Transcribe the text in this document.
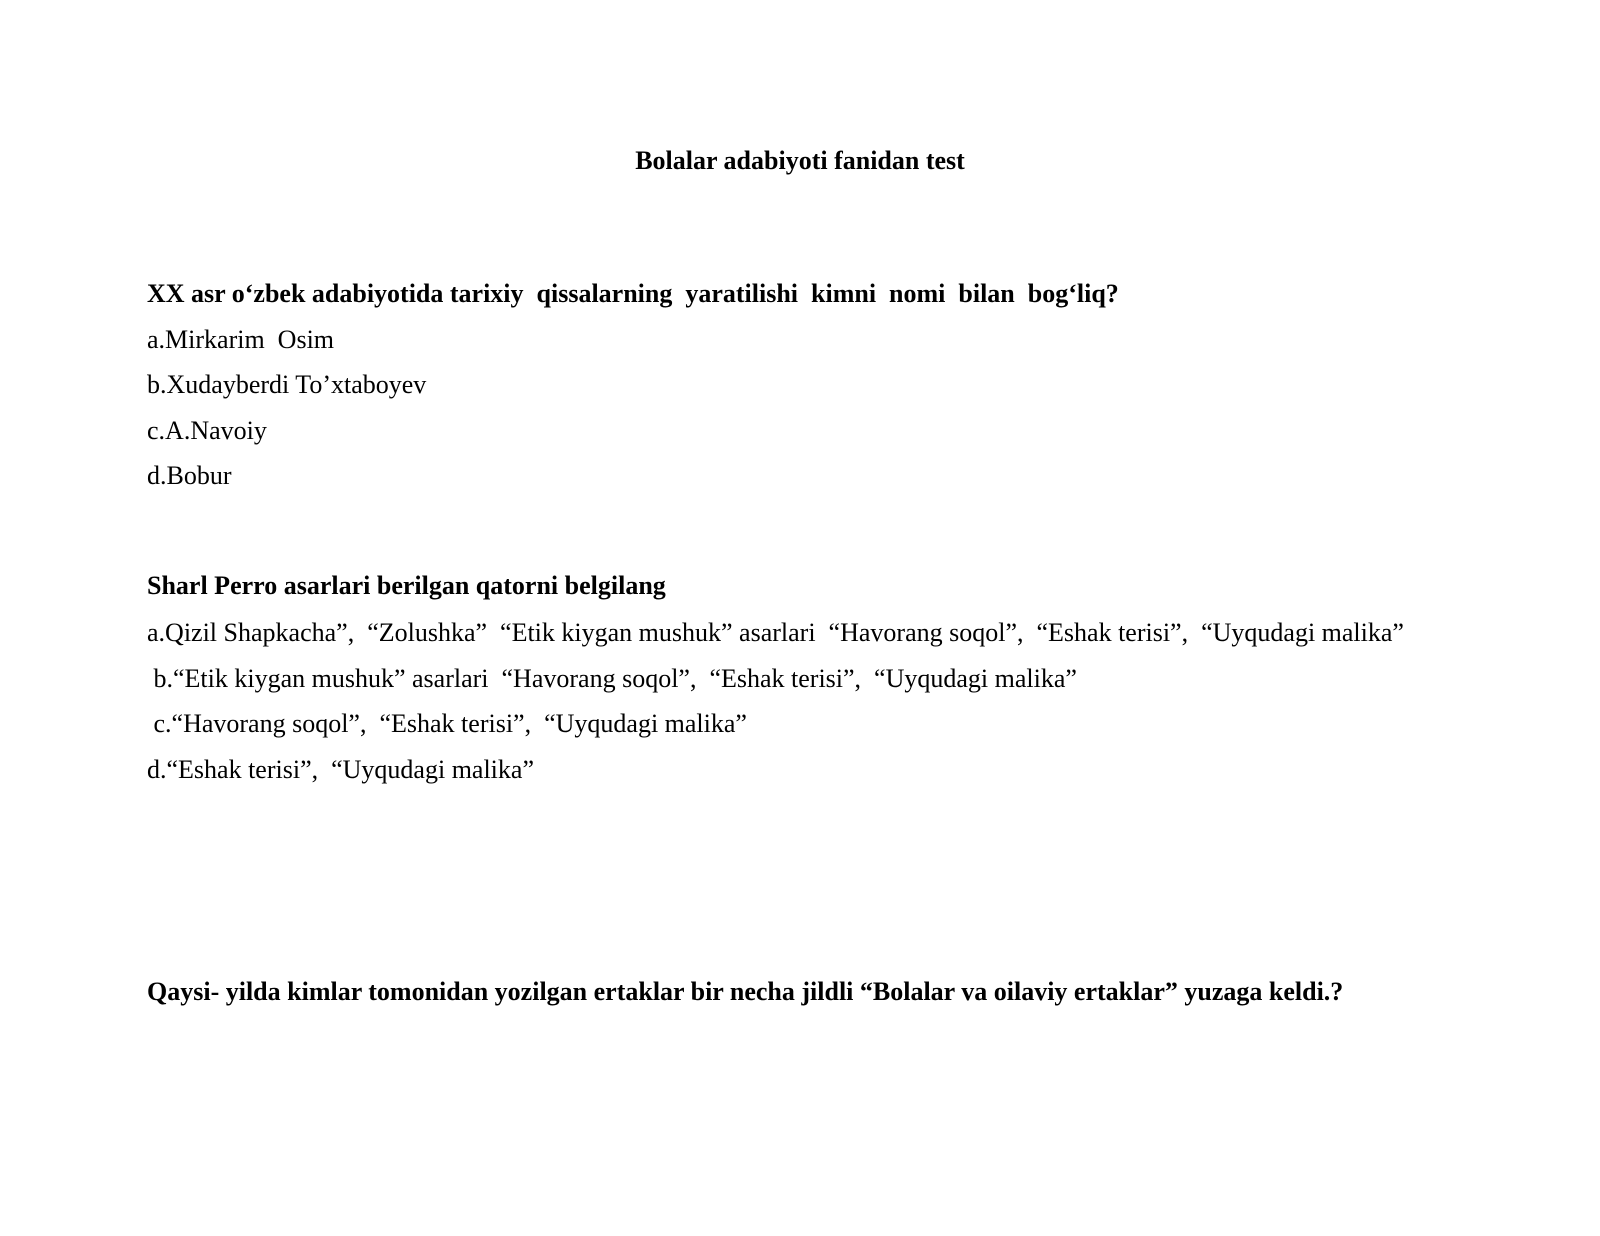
Bolalar adabiyoti fanidan test
XX asr o‘zbek adabiyotida tarixiy  qissalarning  yaratilishi  kimni  nomi  bilan  bog‘liq?
a.Mirkarim  Osim
b.Xudayberdi To’xtaboyev
c.A.Navoiy
d.Bobur
Sharl Perro asarlari berilgan qatorni belgilang
a.Qizil Shapkacha”,  “Zolushka”  “Etik kiygan mushuk” asarlari  “Havorang soqol”,  “Eshak terisi”,  “Uyqudagi malika”
b.“Etik kiygan mushuk” asarlari  “Havorang soqol”,  “Eshak terisi”,  “Uyqudagi malika”
c.“Havorang soqol”,  “Eshak terisi”,  “Uyqudagi malika”
d.“Eshak terisi”,  “Uyqudagi malika”
Qaysi- yilda kimlar tomonidan yozilgan ertaklar bir necha jildli “Bolalar va oilaviy ertaklar” yuzaga keldi.?
